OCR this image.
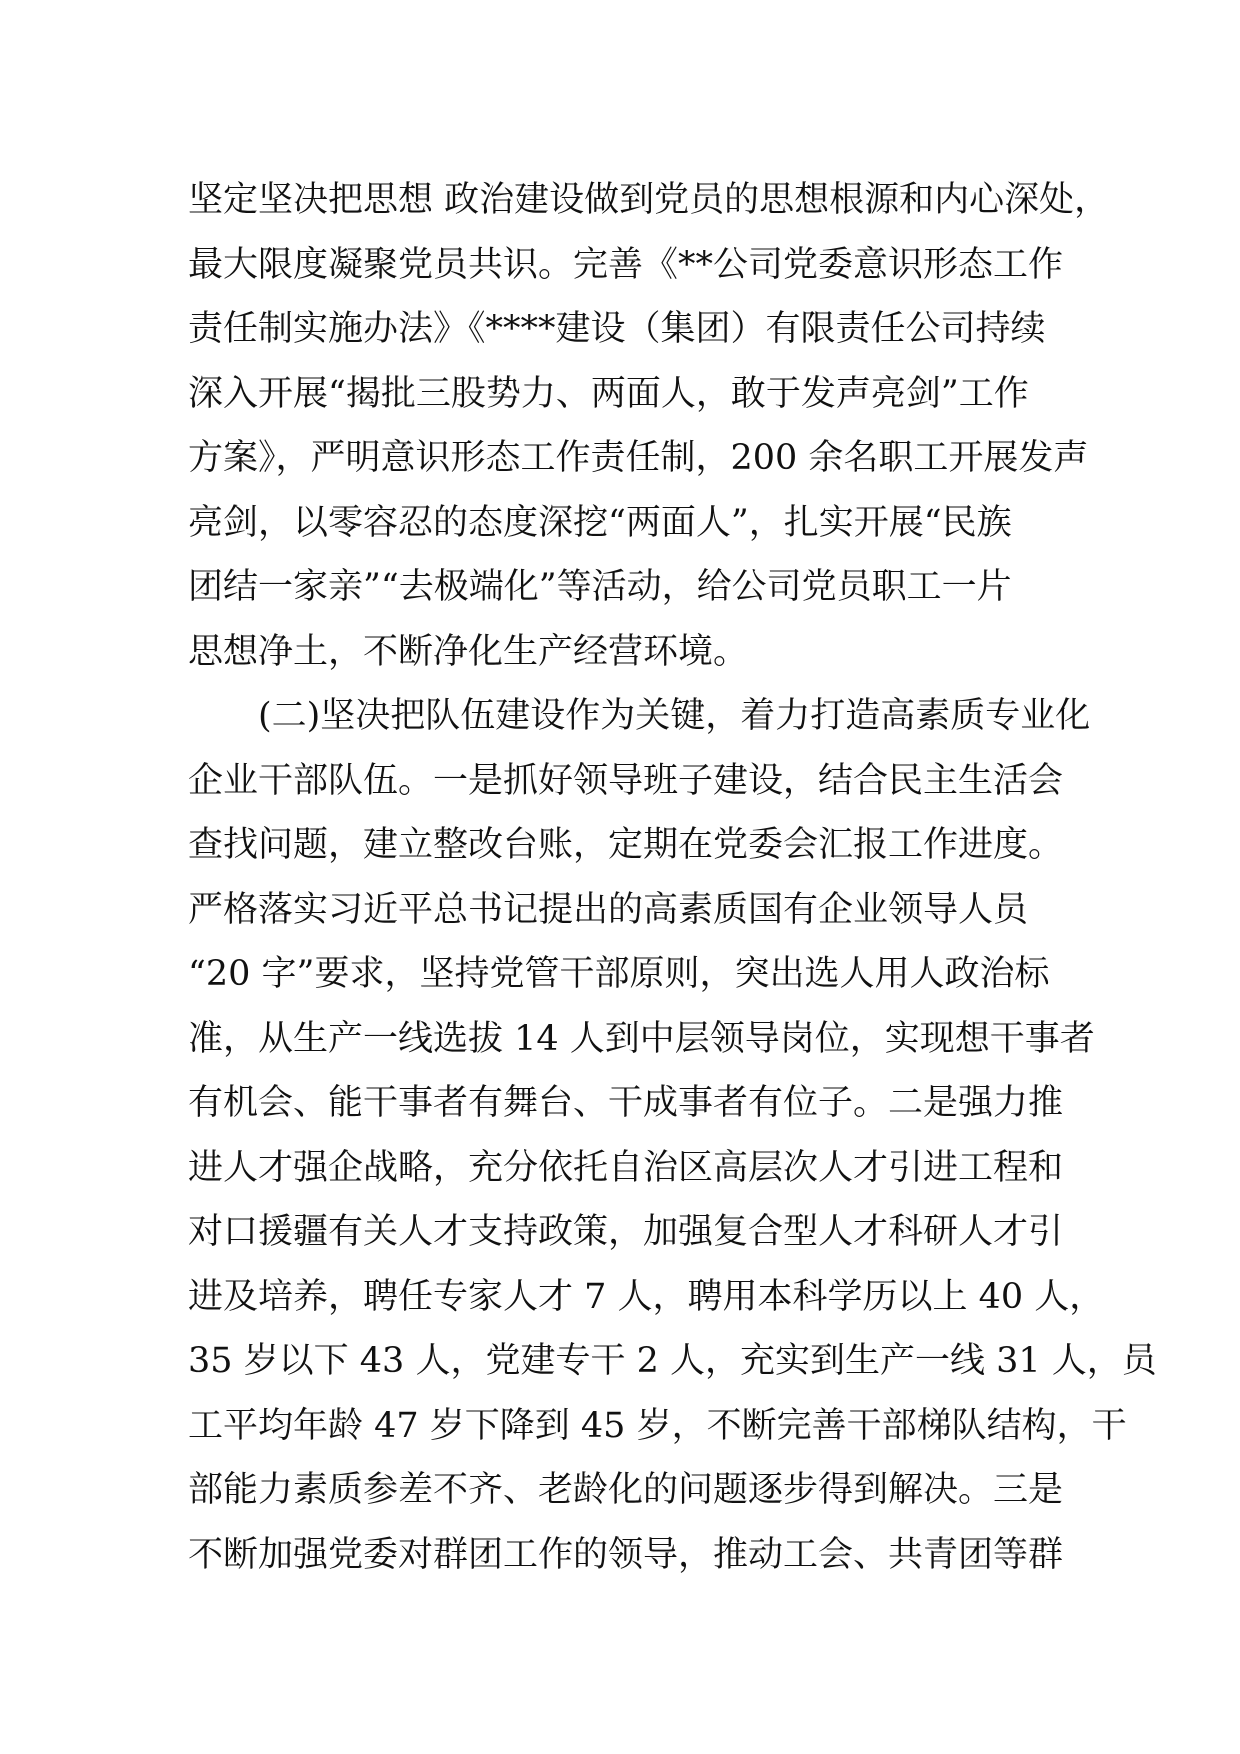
坚定坚决把思想 政治建设做到党员的思想根源和内心深处，
最大限度凝聚党员共识。完善《**公司党委意识形态工作
责任制实施办法》《****建设（集团）有限责任公司持续
深入开展“揭批三股势力、两面人，敢于发声亮剑”工作
方案》，严明意识形态工作责任制，200 余名职工开展发声
亮剑，以零容忍的态度深挖“两面人”，扎实开展“民族
团结一家亲”“去极端化”等活动，给公司党员职工一片
思想净土，不断净化生产经营环境。
(二)坚决把队伍建设作为关键，着力打造高素质专业化
企业干部队伍。一是抓好领导班子建设，结合民主生活会
查找问题，建立整改台账，定期在党委会汇报工作进度。
严格落实习近平总书记提出的高素质国有企业领导人员
“20 字”要求，坚持党管干部原则，突出选人用人政治标
准，从生产一线选拔 14 人到中层领导岗位，实现想干事者
有机会、能干事者有舞台、干成事者有位子。二是强力推
进人才强企战略，充分依托自治区高层次人才引进工程和
对口援疆有关人才支持政策，加强复合型人才科研人才引
进及培养，聘任专家人才 7 人，聘用本科学历以上 40 人，
35 岁以下 43 人，党建专干 2 人，充实到生产一线 31 人，员
工平均年龄 47 岁下降到 45 岁，不断完善干部梯队结构，干
部能力素质参差不齐、老龄化的问题逐步得到解决。三是
不断加强党委对群团工作的领导，推动工会、共青团等群
